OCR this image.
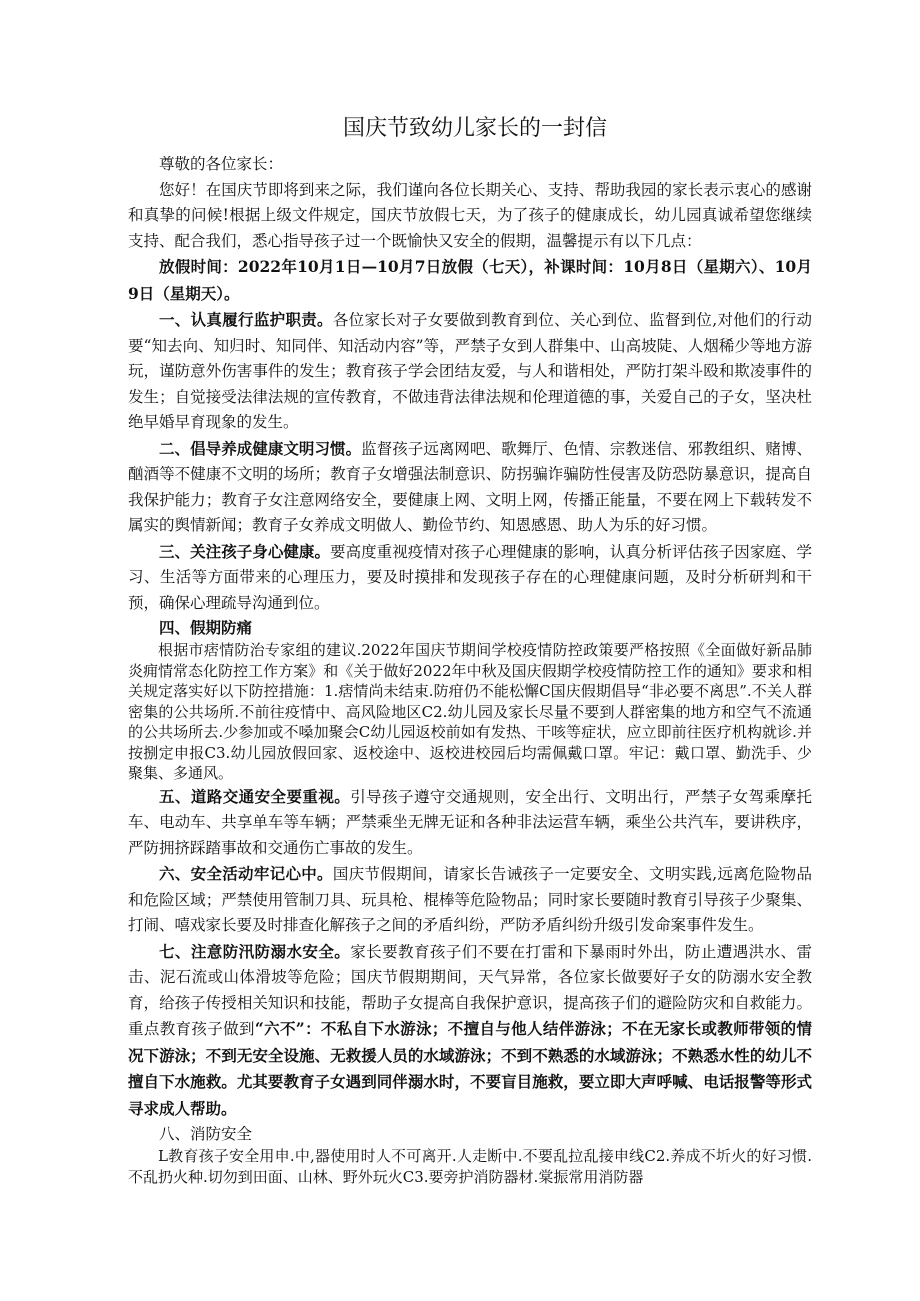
国庆节致幼儿家长的一封信

尊敬的各位家长：

您好！在国庆节即将到来之际，我们谨向各位长期关心、支持、帮助我园的家长表示衷心的感谢和真挚的问候!根据上级文件规定，国庆节放假七天，为了孩子的健康成长，幼儿园真诚希望您继续支持、配合我们，悉心指导孩子过一个既愉快又安全的假期，温馨提示有以下几点：

放假时间：2022年10月1日—10月7日放假（七天），补课时间：10月8日（星期六）、10月9日（星期天）。

一、认真履行监护职责。各位家长对子女要做到教育到位、关心到位、监督到位,对他们的行动要“知去向、知归时、知同伴、知活动内容”等，严禁子女到人群集中、山高坡陡、人烟稀少等地方游玩，谨防意外伤害事件的发生；教育孩子学会团结友爱，与人和谐相处，严防打架斗殴和欺凌事件的发生；自觉接受法律法规的宣传教育，不做违背法律法规和伦理道德的事，关爱自己的子女，坚决杜绝早婚早育现象的发生。

二、倡导养成健康文明习惯。监督孩子远离网吧、歌舞厅、色情、宗教迷信、邪教组织、赌博、酗酒等不健康不文明的场所；教育子女增强法制意识、防拐骗诈骗防性侵害及防恐防暴意识，提高自我保护能力；教育子女注意网络安全，要健康上网、文明上网，传播正能量，不要在网上下载转发不属实的舆情新闻；教育子女养成文明做人、勤俭节约、知恩感恩、助人为乐的好习惯。

三、关注孩子身心健康。要高度重视疫情对孩子心理健康的影响，认真分析评估孩子因家庭、学习、生活等方面带来的心理压力，要及时摸排和发现孩子存在的心理健康问题，及时分析研判和干预，确保心理疏导沟通到位。

四、假期防痛

根据市痞情防治专家组的建议.2022年国庆节期间学校疫情防控政策要严格按照《全面做好新品肺炎痈情常态化防控工作方案》和《关于做好2022年中秋及国庆假期学校疫情防控工作的通知》要求和相关规定落实好以下防控措施：1.痞情尚未结束.防疳仍不能松懈C国庆假期倡导“非必要不离思”.不关人群密集的公共场所.不前往疫情中、高风险地区C2.幼儿园及家长尽量不要到人群密集的地方和空气不流通的公共场所去.少参加或不嗓加聚会C幼儿园返校前如有发热、干咳等症状，应立即前往医疗机构就诊.并按捌定申报C3.幼儿园放假回家、返校途中、返校进校园后均需佩戴口罩。牢记：戴口罩、勤洗手、少聚集、多通风。

五、道路交通安全要重视。引导孩子遵守交通规则，安全出行、文明出行，严禁子女驾乘摩托车、电动车、共享单车等车辆；严禁乘坐无牌无证和各种非法运营车辆，乘坐公共汽车，要讲秩序，严防拥挤踩踏事故和交通伤亡事故的发生。

六、安全活动牢记心中。国庆节假期间，请家长告诫孩子一定要安全、文明实践,远离危险物品和危险区域；严禁使用管制刀具、玩具枪、棍棒等危险物品；同时家长要随时教育引导孩子少聚集、打闹、嘻戏家长要及时排查化解孩子之间的矛盾纠纷，严防矛盾纠纷升级引发命案事件发生。

七、注意防汛防溺水安全。家长要教育孩子们不要在打雷和下暴雨时外出，防止遭遇洪水、雷击、泥石流或山体滑坡等危险；国庆节假期期间，天气异常，各位家长做要好子女的防溺水安全教育，给孩子传授相关知识和技能，帮助子女提高自我保护意识，提高孩子们的避险防灾和自救能力。重点教育孩子做到“六不”：不私自下水游泳；不擅自与他人结伴游泳；不在无家长或教师带领的情况下游泳；不到无安全设施、无救援人员的水域游泳；不到不熟悉的水域游泳；不熟悉水性的幼儿不擅自下水施救。尤其要教育子女遇到同伴溺水时，不要盲目施救，要立即大声呼喊、电话报警等形式寻求成人帮助。

八、消防安全

L教育孩子安全用申.中,器使用时人不可离开.人走断中.不要乱拉乱接申线C2.养成不圻火的好习惯.不乱扔火种.切勿到田面、山林、野外玩火C3.要旁护消防器材.棠振常用消防器
